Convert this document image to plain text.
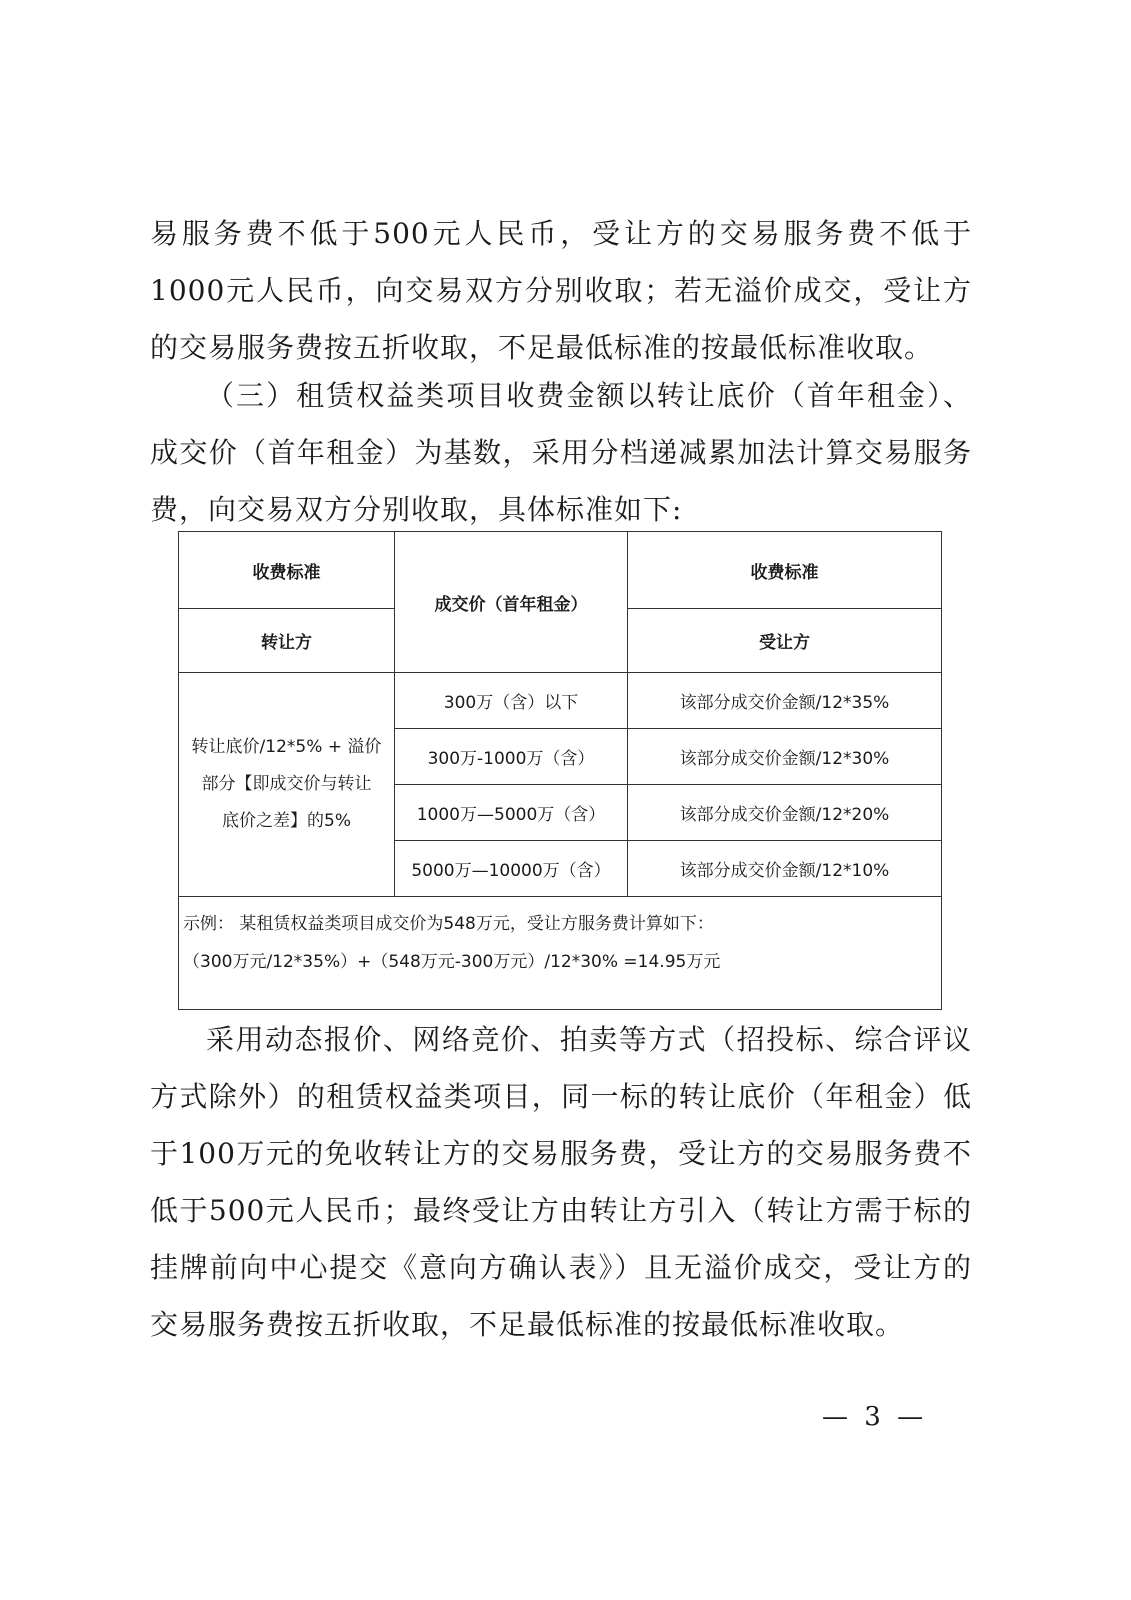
易服务费不低于500元人民币，受让方的交易服务费不低于1000元人民币，向交易双方分别收取；若无溢价成交，受让方的交易服务费按五折收取，不足最低标准的按最低标准收取。

（三）租赁权益类项目收费金额以转让底价（首年租金）、成交价（首年租金）为基数，采用分档递减累加法计算交易服务费，向交易双方分别收取，具体标准如下:

收费标准	成交价（首年租金）	收费标准
转让方		受让方

转让底价/12*5% + 溢价
部分【即成交价与转让
底价之差】的5%	300万（含）以下	该部分成交价金额/12*35%
	300万-1000万（含）	该部分成交价金额/12*30%
	1000万—5000万（含）	该部分成交价金额/12*20%
	5000万—10000万（含）	该部分成交价金额/12*10%

示例： 某租赁权益类项目成交价为548万元，受让方服务费计算如下：
（300万元/12*35%）+（548万元-300万元）/12*30% =14.95万元		

采用动态报价、网络竞价、拍卖等方式（招投标、综合评议方式除外）的租赁权益类项目，同一标的转让底价（年租金）低于100万元的免收转让方的交易服务费，受让方的交易服务费不低于500元人民币；最终受让方由转让方引入（转让方需于标的挂牌前向中心提交《意向方确认表》）且无溢价成交，受让方的交易服务费按五折收取，不足最低标准的按最低标准收取。

— 3 —
